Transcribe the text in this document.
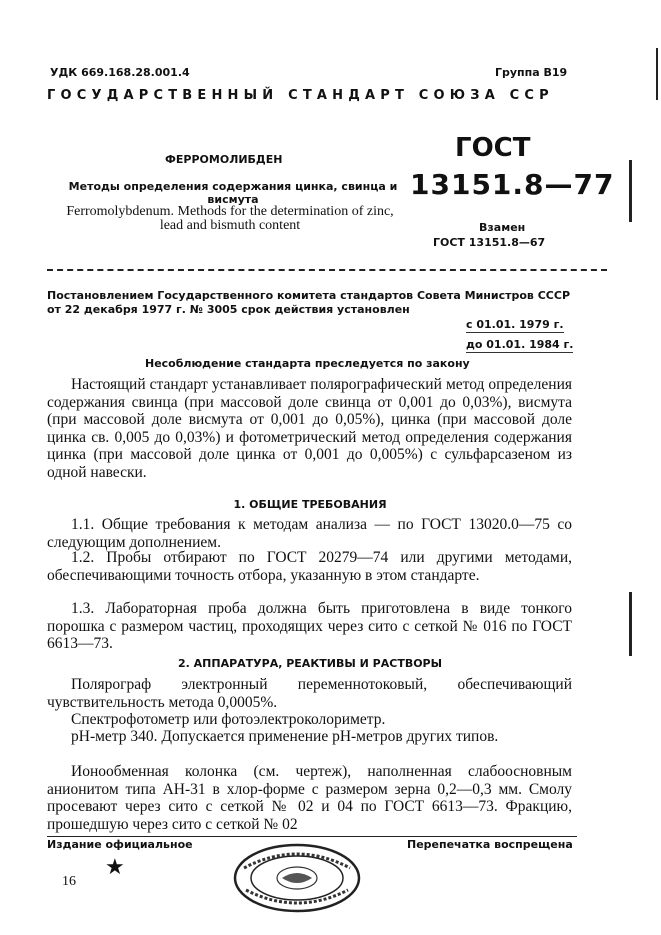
УДК 669.168.28.001.4	Группа В19
ГОСУДАРСТВЕННЫЙ СТАНДАРТ СОЮЗА ССР
ФЕРРОМОЛИБДЕН
Методы определения содержания цинка, свинца и висмута
Ferromolybdenum. Methods for the determination of zinc, lead and bismuth content
ГОСТ
13151.8—77
Взамен
ГОСТ 13151.8—67
Постановлением Государственного комитета стандартов Совета Министров СССР от 22 декабря 1977 г. № 3005 срок действия установлен
с 01.01. 1979 г.
до 01.01. 1984 г.
Несоблюдение стандарта преследуется по закону
Настоящий стандарт устанавливает полярографический метод определения содержания свинца (при массовой доле свинца от 0,001 до 0,03%), висмута (при массовой доле висмута от 0,001 до 0,05%), цинка (при массовой доле цинка св. 0,005 до 0,03%) и фотометрический метод определения содержания цинка (при массовой доле цинка от 0,001 до 0,005%) с сульфарсазеном из одной навески.
1. ОБЩИЕ ТРЕБОВАНИЯ
1.1. Общие требования к методам анализа — по ГОСТ 13020.0—75 со следующим дополнением.
1.2. Пробы отбирают по ГОСТ 20279—74 или другими методами, обеспечивающими точность отбора, указанную в этом стандарте.
1.3. Лабораторная проба должна быть приготовлена в виде тонкого порошка с размером частиц, проходящих через сито с сеткой № 016 по ГОСТ 6613—73.
2. АППАРАТУРА, РЕАКТИВЫ И РАСТВОРЫ
Полярограф электронный переменнотоковый, обеспечивающий чувствительность метода 0,0005%.
Спектрофотометр или фотоэлектроколориметр.
рН-метр 340. Допускается применение рН-метров других типов.
Ионообменная колонка (см. чертеж), наполненная слабоосновным анионитом типа АН-31 в хлор-форме с размером зерна 0,2—0,3 мм. Смолу просевают через сито с сеткой № 02 и 04 по ГОСТ 6613—73. Фракцию, прошедшую через сито с сеткой № 02
Издание официальное	Перепечатка воспрещена
★
16
